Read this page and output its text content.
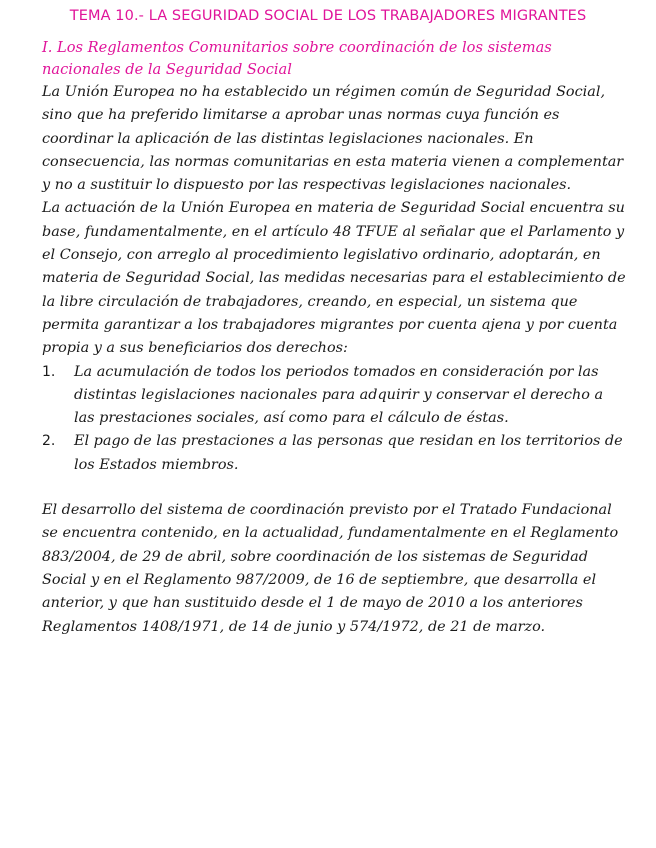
TEMA 10.- LA SEGURIDAD SOCIAL DE LOS TRABAJADORES MIGRANTES
I. Los Reglamentos Comunitarios sobre coordinación de los sistemas nacionales de la Seguridad Social

La Unión Europea no ha establecido un régimen común de Seguridad Social, sino que ha preferido limitarse a aprobar unas normas cuya función es coordinar la aplicación de las distintas legislaciones nacionales. En consecuencia, las normas comunitarias en esta materia vienen a complementar y no a sustituir lo dispuesto por las respectivas legislaciones nacionales.

La actuación de la Unión Europea en materia de Seguridad Social encuentra su base, fundamentalmente, en el artículo 48 TFUE al señalar que el Parlamento y el Consejo, con arreglo al procedimiento legislativo ordinario, adoptarán, en materia de Seguridad Social, las medidas necesarias para el establecimiento de la libre circulación de trabajadores, creando, en especial, un sistema que permita garantizar a los trabajadores migrantes por cuenta ajena y por cuenta propia y a sus beneficiarios dos derechos:

1.	La acumulación de todos los periodos tomados en consideración por las distintas legislaciones nacionales para adquirir y conservar el derecho a las prestaciones sociales, así como para el cálculo de éstas.
2.	El pago de las prestaciones a las personas que residan en los territorios de los Estados miembros.

El desarrollo del sistema de coordinación previsto por el Tratado Fundacional se encuentra contenido, en la actualidad, fundamentalmente en el Reglamento 883/2004, de 29 de abril, sobre coordinación de los sistemas de Seguridad Social y en el Reglamento 987/2009, de 16 de septiembre, que desarrolla el anterior, y que han sustituido desde el 1 de mayo de 2010 a los anteriores Reglamentos 1408/1971, de 14 de junio y 574/1972, de 21 de marzo.
